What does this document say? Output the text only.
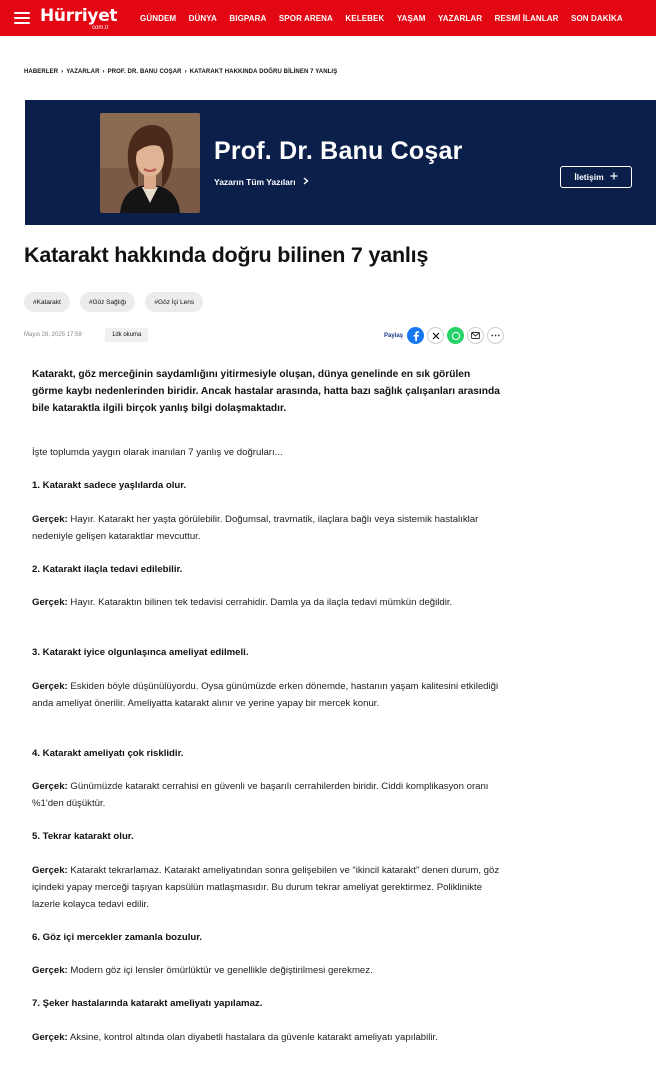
Hürriyet
com.tr
GÜNDEM DÜNYA BIGPARA SPOR ARENA KELEBEK YAŞAM YAZARLAR RESMİ İLANLAR SON DAKİKA
HABERLER › YAZARLAR › PROF. DR. BANU COŞAR › KATARAKT HAKKINDA DOĞRU BİLİNEN 7 YANLIŞ
Prof. Dr. Banu Coşar
Yazarın Tüm Yazıları	İletişim
Katarakt hakkında doğru bilinen 7 yanlış
#Katarakt	#Göz Sağlığı	#Göz İçi Lens
Mayıs 28, 2025 17:59	1dk okuma	Paylaş

Katarakt, göz merceğinin saydamlığını yitirmesiyle oluşan, dünya genelinde en sık görülen görme kaybı nedenlerinden biridir. Ancak hastalar arasında, hatta bazı sağlık çalışanları arasında bile kataraktla ilgili birçok yanlış bilgi dolaşmaktadır.

İşte toplumda yaygın olarak inanılan 7 yanlış ve doğruları...

1. Katarakt sadece yaşlılarda olur.

Gerçek: Hayır. Katarakt her yaşta görülebilir. Doğumsal, travmatik, ilaçlara bağlı veya sistemik hastalıklar nedeniyle gelişen kataraktlar mevcuttur.

2. Katarakt ilaçla tedavi edilebilir.

Gerçek: Hayır. Kataraktın bilinen tek tedavisi cerrahidir. Damla ya da ilaçla tedavi mümkün değildir.

3. Katarakt iyice olgunlaşınca ameliyat edilmeli.

Gerçek: Eskiden böyle düşünülüyordu. Oysa günümüzde erken dönemde, hastanın yaşam kalitesini etkilediği anda ameliyat önerilir. Ameliyatta katarakt alınır ve yerine yapay bir mercek konur.

4. Katarakt ameliyatı çok risklidir.

Gerçek: Günümüzde katarakt cerrahisi en güvenli ve başarılı cerrahilerden biridir. Ciddi komplikasyon oranı %1'den düşüktür.

5. Tekrar katarakt olur.

Gerçek: Katarakt tekrarlamaz. Katarakt ameliyatından sonra gelişebilen ve “ikincil katarakt” denen durum, göz içindeki yapay merceği taşıyan kapsülün matlaşmasıdır. Bu durum tekrar ameliyat gerektirmez. Poliklinikte lazerle kolayca tedavi edilir.

6. Göz içi mercekler zamanla bozulur.

Gerçek: Modern göz içi lensler ömürlüktür ve genellikle değiştirilmesi gerekmez.

7. Şeker hastalarında katarakt ameliyatı yapılamaz.

Gerçek: Aksine, kontrol altında olan diyabetli hastalara da güvenle katarakt ameliyatı yapılabilir.
